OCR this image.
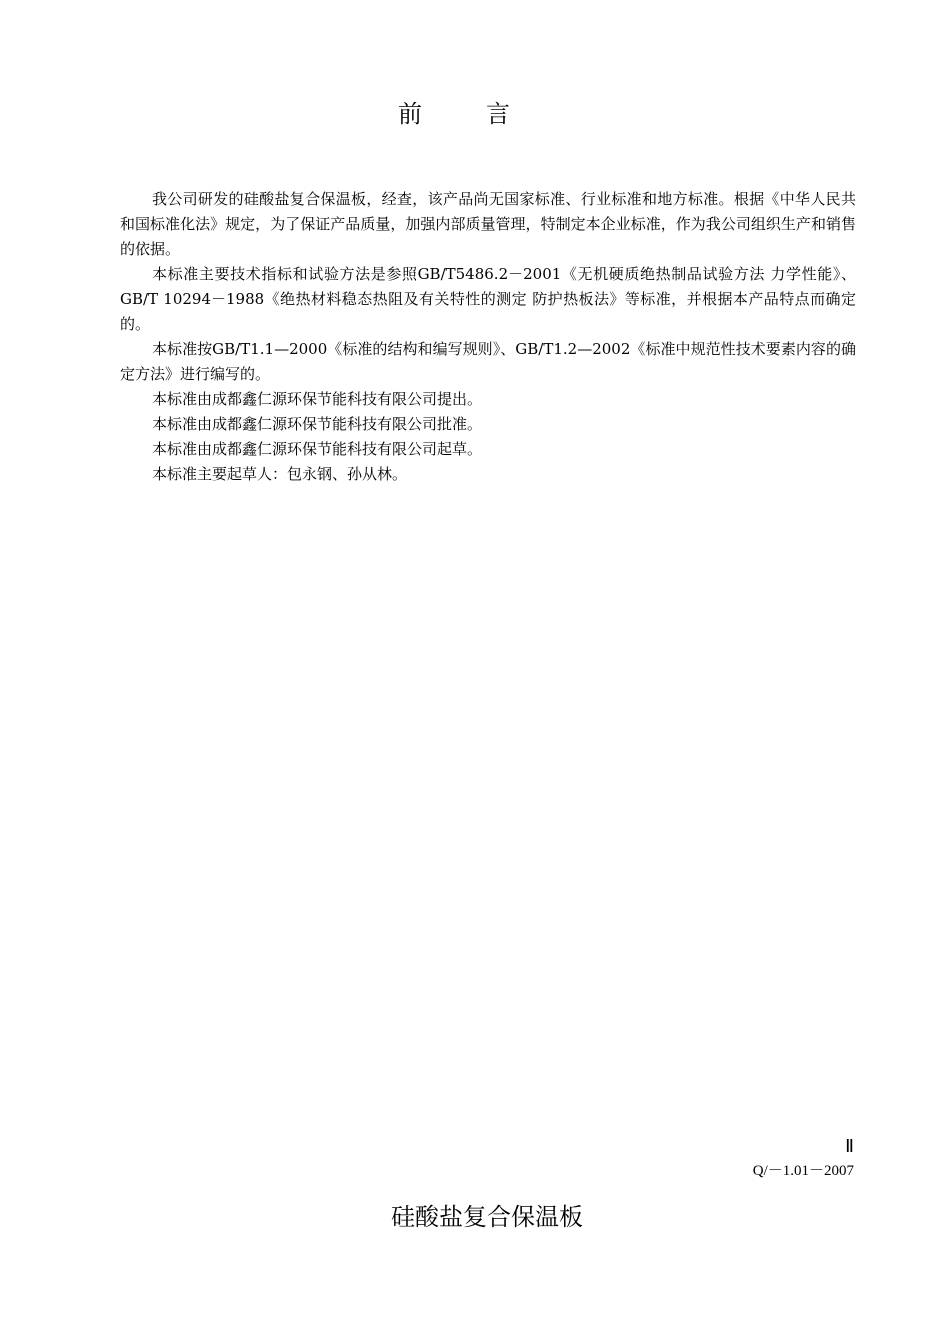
前言

我公司研发的硅酸盐复合保温板，经查，该产品尚无国家标准、行业标准和地方标准。根据《中华人民共和国标准化法》规定，为了保证产品质量，加强内部质量管理，特制定本企业标准，作为我公司组织生产和销售的依据。

本标准主要技术指标和试验方法是参照GB/T5486.2－2001《无机硬质绝热制品试验方法 力学性能》、GB/T 10294－1988《绝热材料稳态热阻及有关特性的测定 防护热板法》等标准，并根据本产品特点而确定的。

本标准按GB/T1.1—2000《标准的结构和编写规则》、GB/T1.2—2002《标准中规范性技术要素内容的确定方法》进行编写的。

本标准由成都鑫仁源环保节能科技有限公司提出。

本标准由成都鑫仁源环保节能科技有限公司批准。

本标准由成都鑫仁源环保节能科技有限公司起草。

本标准主要起草人：包永钢、孙从林。

Ⅱ
Q/－1.01－2007
硅酸盐复合保温板
